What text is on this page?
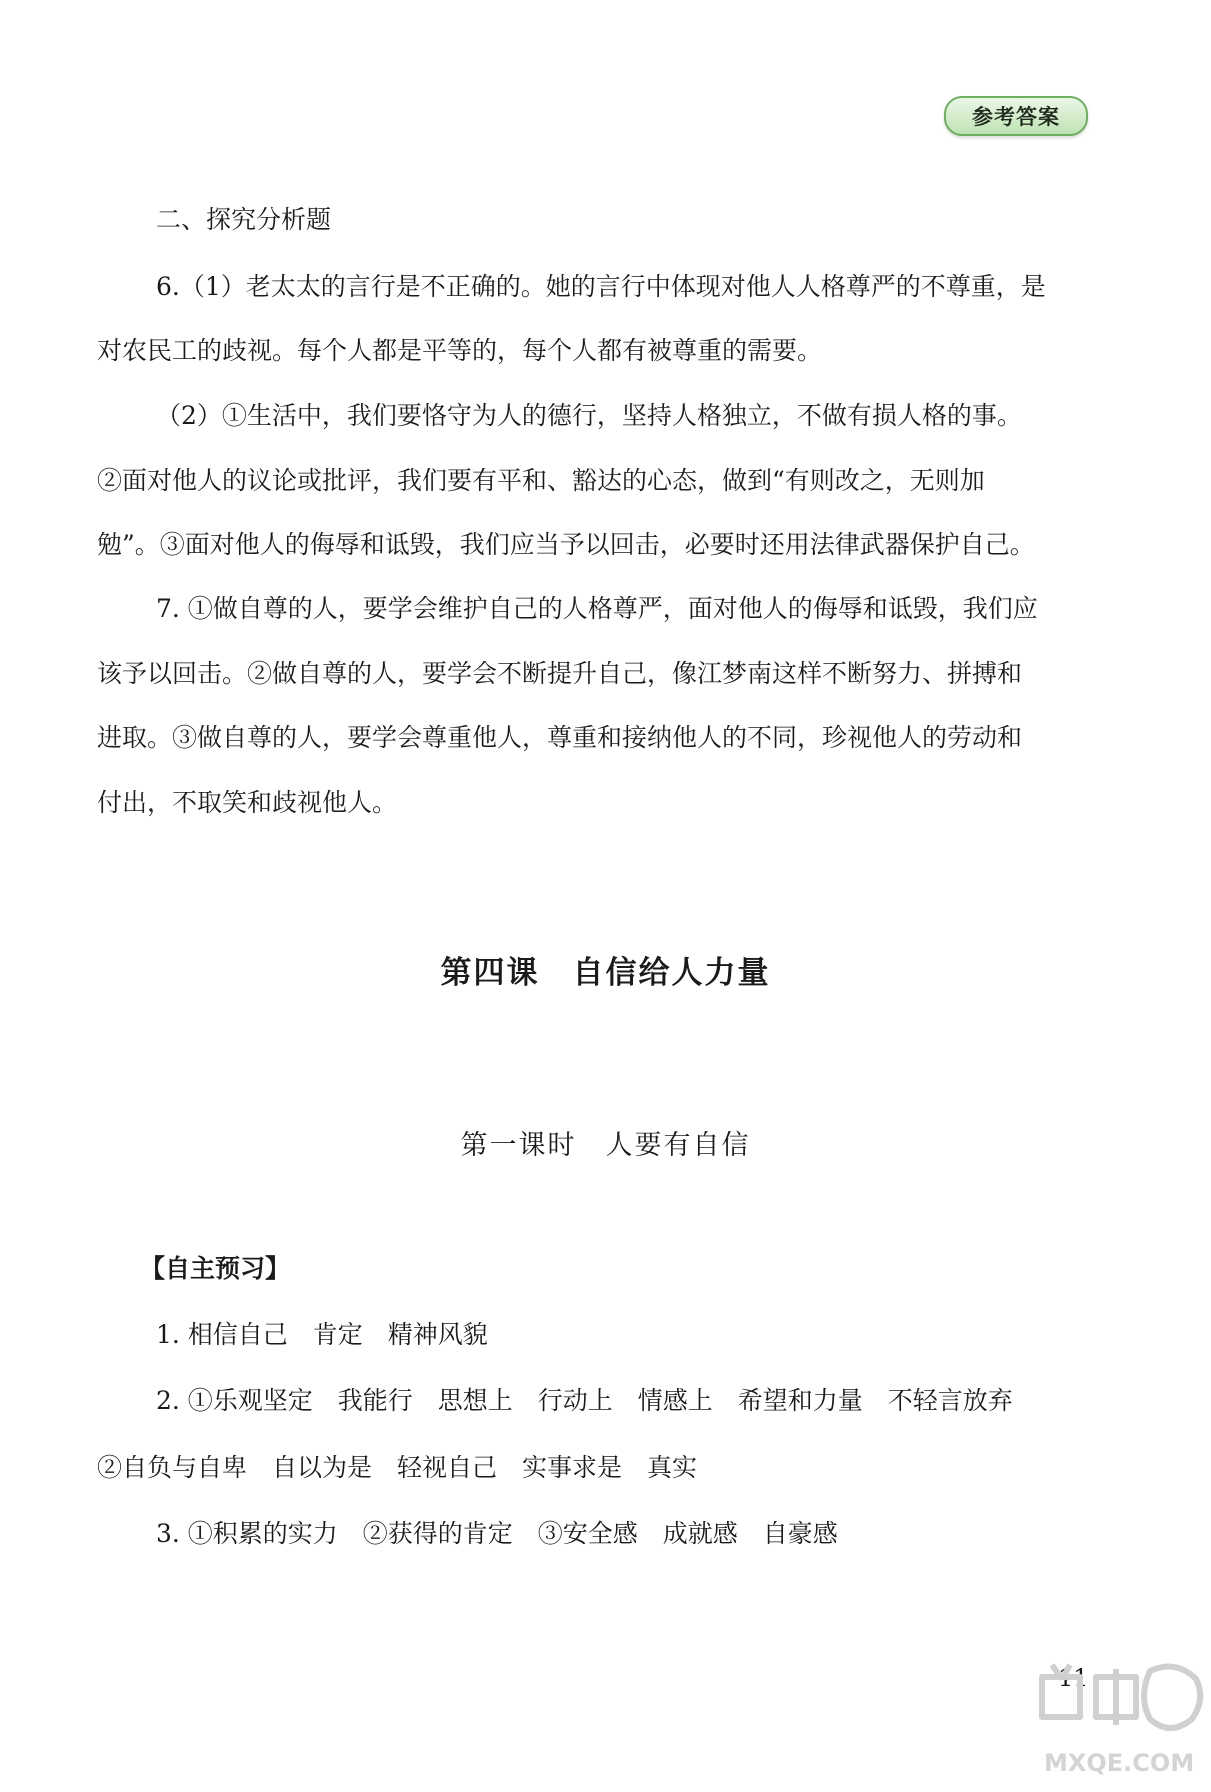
参考答案
二、探究分析题
6.（1）老太太的言行是不正确的。她的言行中体现对他人人格尊严的不尊重，是
对农民工的歧视。每个人都是平等的，每个人都有被尊重的需要。
（2）①生活中，我们要恪守为人的德行，坚持人格独立，不做有损人格的事。
②面对他人的议论或批评，我们要有平和、豁达的心态，做到“有则改之，无则加
勉”。③面对他人的侮辱和诋毁，我们应当予以回击，必要时还用法律武器保护自己。
7. ①做自尊的人，要学会维护自己的人格尊严，面对他人的侮辱和诋毁，我们应
该予以回击。②做自尊的人，要学会不断提升自己，像江梦南这样不断努力、拼搏和
进取。③做自尊的人，要学会尊重他人，尊重和接纳他人的不同，珍视他人的劳动和
付出，不取笑和歧视他人。
第四课　自信给人力量
第一课时　人要有自信
【自主预习】
1. 相信自己　肯定　精神风貌
2. ①乐观坚定　我能行　思想上　行动上　情感上　希望和力量　不轻言放弃
②自负与自卑　自以为是　轻视自己　实事求是　真实
3. ①积累的实力　②获得的肯定　③安全感　成就感　自豪感
11
MXQE.COM
